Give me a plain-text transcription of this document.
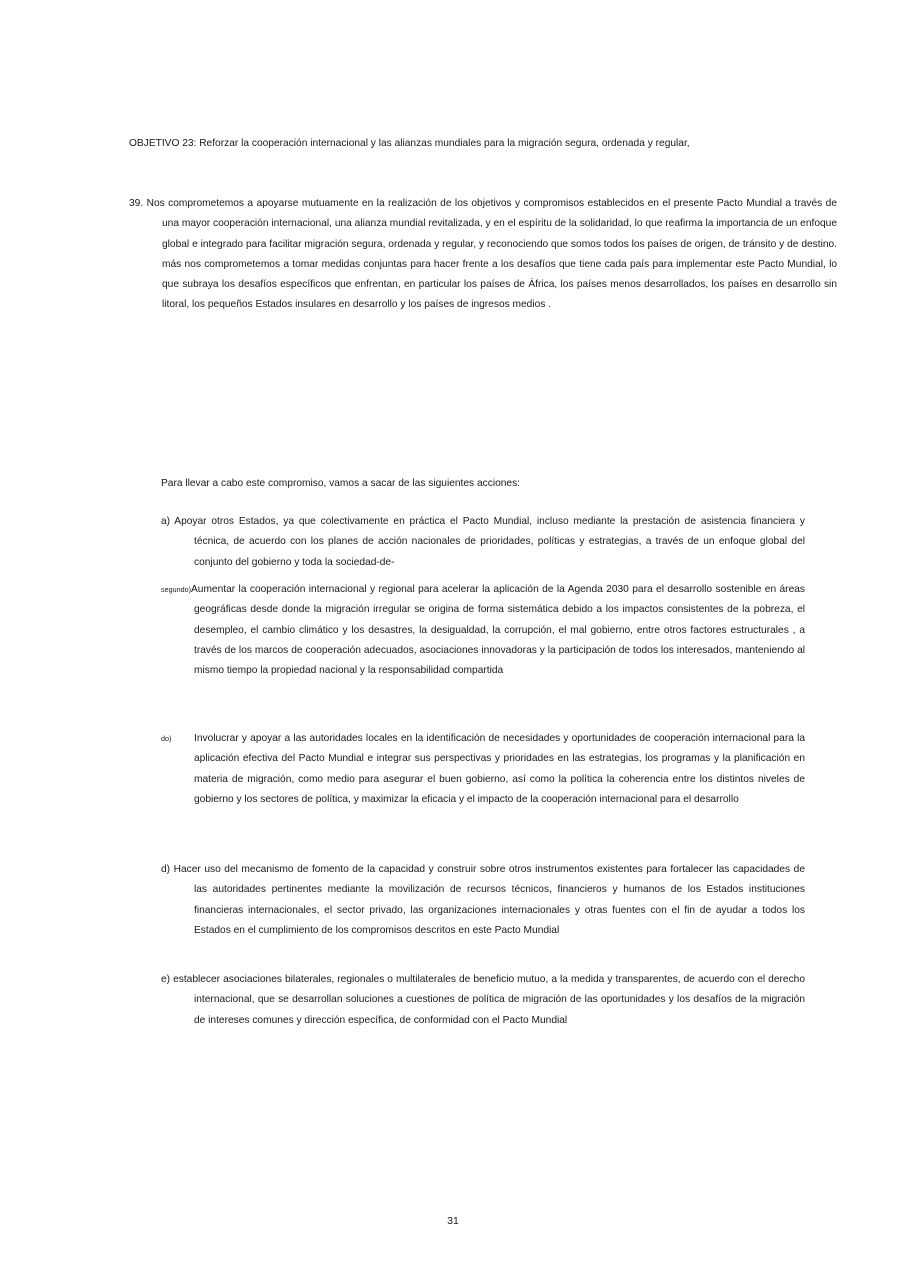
OBJETIVO 23: Reforzar la cooperación internacional y las alianzas mundiales para la migración segura, ordenada y regular,

39. Nos comprometemos a apoyarse mutuamente en la realización de los objetivos y compromisos establecidos en el presente Pacto Mundial a través de una mayor cooperación internacional, una alianza mundial revitalizada, y en el espíritu de la solidaridad, lo que reafirma la importancia de un enfoque global e integrado para facilitar migración segura, ordenada y regular, y reconociendo que somos todos los países de origen, de tránsito y de destino. más nos comprometemos a tomar medidas conjuntas para hacer frente a los desafíos que tiene cada país para implementar este Pacto Mundial, lo que subraya los desafíos específicos que enfrentan, en particular los países de África, los países menos desarrollados, los países en desarrollo sin litoral, los pequeños Estados insulares en desarrollo y los países de ingresos medios .

Para llevar a cabo este compromiso, vamos a sacar de las siguientes acciones:

a) Apoyar otros Estados, ya que colectivamente en práctica el Pacto Mundial, incluso mediante la prestación de asistencia financiera y técnica, de acuerdo con los planes de acción nacionales de prioridades, políticas y estrategias, a través de un enfoque global del conjunto del gobierno y toda la sociedad-de-

segundo)Aumentar la cooperación internacional y regional para acelerar la aplicación de la Agenda 2030 para el desarrollo sostenible en áreas geográficas desde donde la migración irregular se origina de forma sistemática debido a los impactos consistentes de la pobreza, el desempleo, el cambio climático y los desastres, la desigualdad, la corrupción, el mal gobierno, entre otros factores estructurales , a través de los marcos de cooperación adecuados, asociaciones innovadoras y la participación de todos los interesados, manteniendo al mismo tiempo la propiedad nacional y la responsabilidad compartida

do) Involucrar y apoyar a las autoridades locales en la identificación de necesidades y oportunidades de cooperación internacional para la aplicación efectiva del Pacto Mundial e integrar sus perspectivas y prioridades en las estrategias, los programas y la planificación en materia de migración, como medio para asegurar el buen gobierno, así como la política la coherencia entre los distintos niveles de gobierno y los sectores de política, y maximizar la eficacia y el impacto de la cooperación internacional para el desarrollo

d) Hacer uso del mecanismo de fomento de la capacidad y construir sobre otros instrumentos existentes para fortalecer las capacidades de las autoridades pertinentes mediante la movilización de recursos técnicos, financieros y humanos de los Estados instituciones financieras internacionales, el sector privado, las organizaciones internacionales y otras fuentes con el fin de ayudar a todos los Estados en el cumplimiento de los compromisos descritos en este Pacto Mundial

e) establecer asociaciones bilaterales, regionales o multilaterales de beneficio mutuo, a la medida y transparentes, de acuerdo con el derecho internacional, que se desarrollan soluciones a cuestiones de política de migración de las oportunidades y los desafíos de la migración de intereses comunes y dirección específica, de conformidad con el Pacto Mundial

31
